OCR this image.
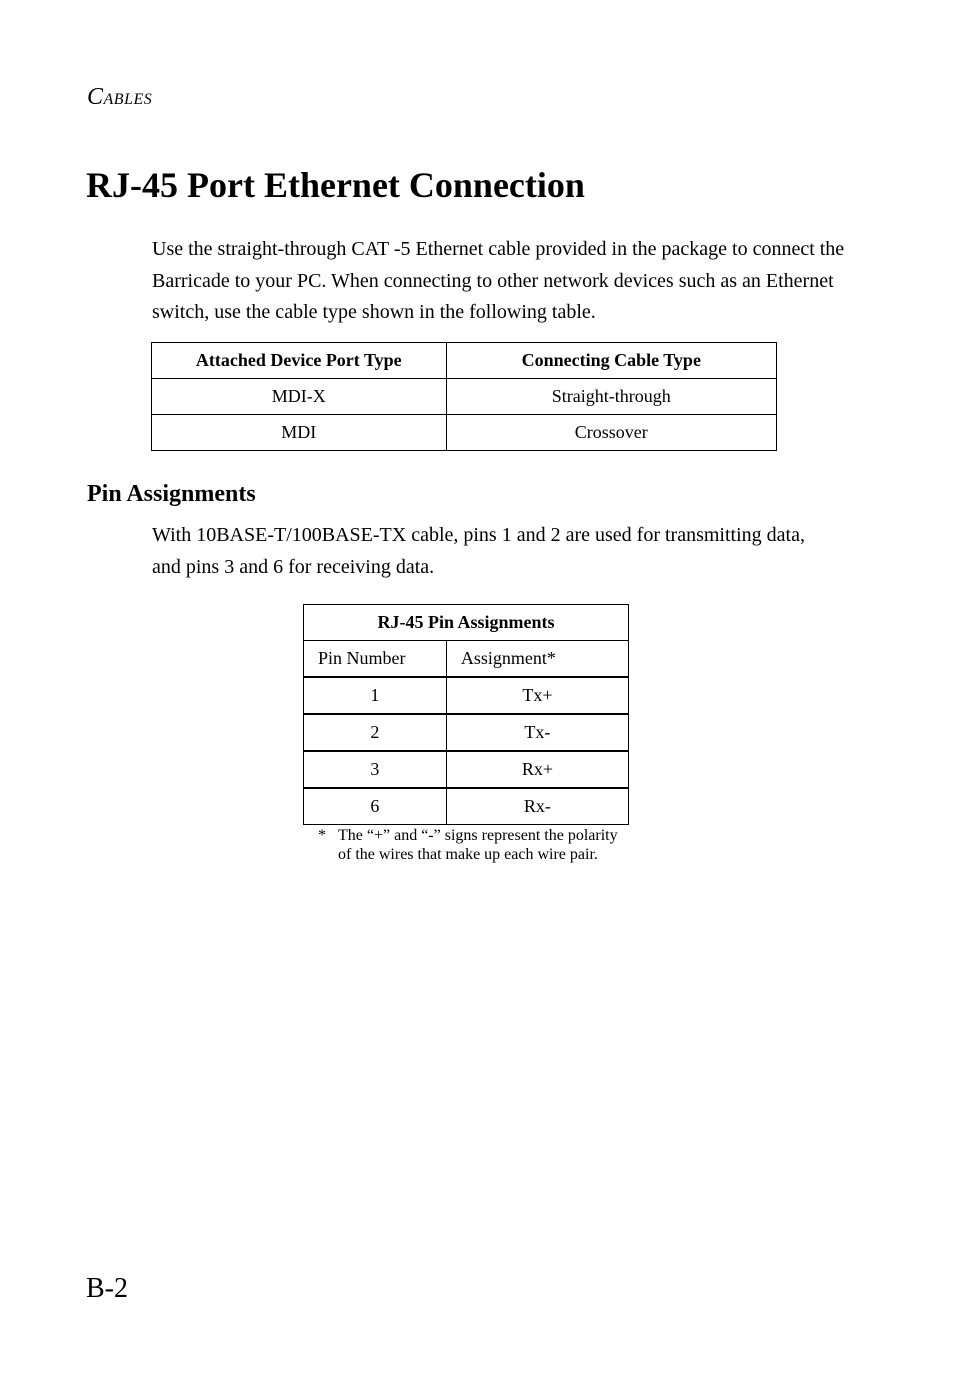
CABLES
RJ-45 Port Ethernet Connection

Use the straight-through CAT -5 Ethernet cable provided in the package to connect the Barricade to your PC. When connecting to other network devices such as an Ethernet switch, use the cable type shown in the following table.

Attached Device Port Type	Connecting Cable Type
MDI-X	Straight-through
MDI	Crossover
Pin Assignments

With 10BASE-T/100BASE-TX cable, pins 1 and 2 are used for transmitting data, and pins 3 and 6 for receiving data.

RJ-45 Pin Assignments	
Pin Number	Assignment*
1	Tx+
2	Tx-
3	Rx+
6	Rx-
* The “+” and “-” signs represent the polarity of the wires that make up each wire pair.
B-2
